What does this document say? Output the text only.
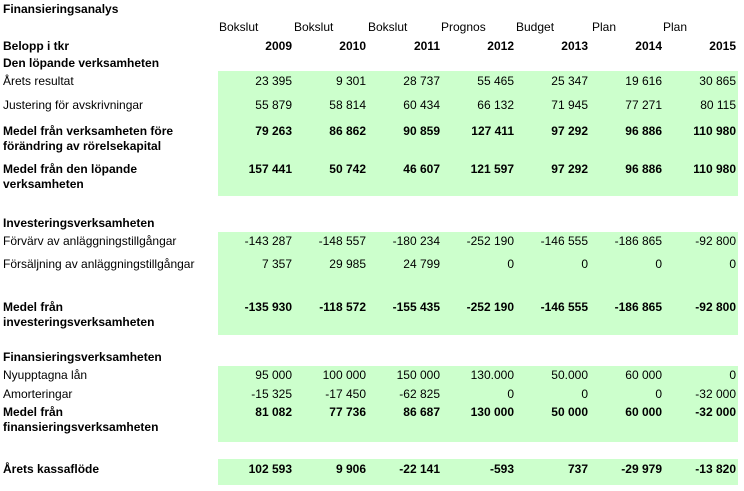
Finansieringsanalys
Bokslut	Bokslut	Bokslut	Prognos	Budget	Plan	Plan
Belopp i tkr	2009	2010	2011	2012	2013	2014	2015
Den löpande verksamheten
Investeringsverksamheten
Finansieringsverksamheten
Årets resultat	23 395	9 301	28 737	55 465	25 347	19 616	30 865
Justering för avskrivningar	55 879	58 814	60 434	66 132	71 945	77 271	80 115
Medel från verksamheten före
förändring av rörelsekapital
79 263	86 862	90 859	127 411	97 292	96 886	110 980
Medel från den löpande
verksamheten
157 441	50 742	46 607	121 597	97 292	96 886	110 980
Förvärv av anläggningstillgångar	-143 287	-148 557	-180 234	-252 190	-146 555	-186 865	-92 800
Försäljning av anläggningstillgångar	7 357	29 985	24 799	0	0	0	0
Medel från
investeringsverksamheten
-135 930	-118 572	-155 435	-252 190	-146 555	-186 865	-92 800
Nyupptagna lån	95 000	100 000	150 000	130.000	50.000	60 000	0
Amorteringar	-15 325	-17 450	-62 825	0	0	0	-32 000
Medel från
finansieringsverksamheten
81 082	77 736	86 687	130 000	50 000	60 000	-32 000
Årets kassaflöde	102 593	9 906	-22 141	-593	737	-29 979	-13 820
